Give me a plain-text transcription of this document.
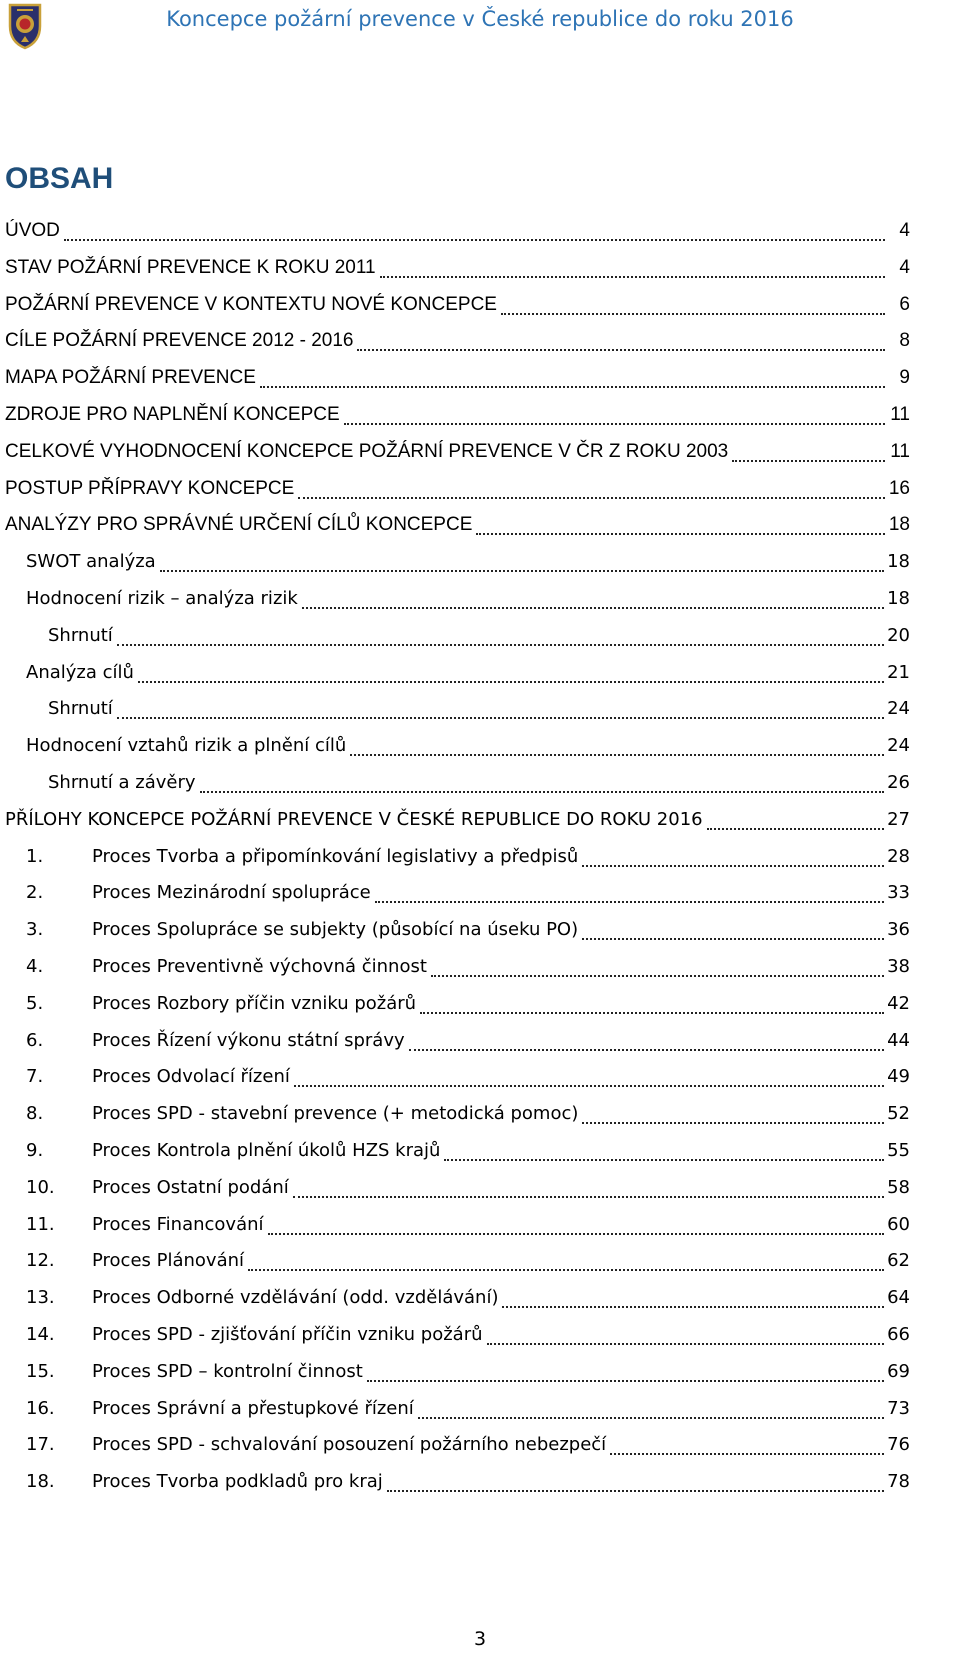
Koncepce požární prevence v České republice do roku 2016
OBSAH
ÚVOD	4
STAV POŽÁRNÍ PREVENCE K ROKU 2011	4
POŽÁRNÍ PREVENCE V KONTEXTU NOVÉ KONCEPCE	6
CÍLE POŽÁRNÍ PREVENCE 2012 - 2016	8
MAPA POŽÁRNÍ PREVENCE	9
ZDROJE PRO NAPLNĚNÍ KONCEPCE	11
CELKOVÉ VYHODNOCENÍ KONCEPCE POŽÁRNÍ PREVENCE V ČR Z ROKU 2003	11
POSTUP PŘÍPRAVY KONCEPCE	16
ANALÝZY PRO SPRÁVNÉ URČENÍ CÍLŮ KONCEPCE	18
SWOT analýza	18
Hodnocení rizik – analýza rizik	18
Shrnutí	20
Analýza cílů	21
Shrnutí	24
Hodnocení vztahů rizik a plnění cílů	24
Shrnutí a závěry	26
PŘÍLOHY KONCEPCE POŽÁRNÍ PREVENCE V ČESKÉ REPUBLICE DO ROKU 2016	27
1.	Proces Tvorba a připomínkování legislativy a předpisů	28
2.	Proces Mezinárodní spolupráce	33
3.	Proces Spolupráce se subjekty (působící na úseku PO)	36
4.	Proces Preventivně výchovná činnost	38
5.	Proces Rozbory příčin vzniku požárů	42
6.	Proces Řízení výkonu státní správy	44
7.	Proces Odvolací řízení	49
8.	Proces SPD - stavební prevence (+ metodická pomoc)	52
9.	Proces Kontrola plnění úkolů HZS krajů	55
10.	Proces Ostatní podání	58
11.	Proces Financování	60
12.	Proces Plánování	62
13.	Proces Odborné vzdělávání (odd. vzdělávání)	64
14.	Proces SPD - zjišťování příčin vzniku požárů	66
15.	Proces SPD – kontrolní činnost	69
16.	Proces Správní a přestupkové řízení	73
17.	Proces SPD - schvalování posouzení požárního nebezpečí	76
18.	Proces Tvorba podkladů pro kraj	78
3
